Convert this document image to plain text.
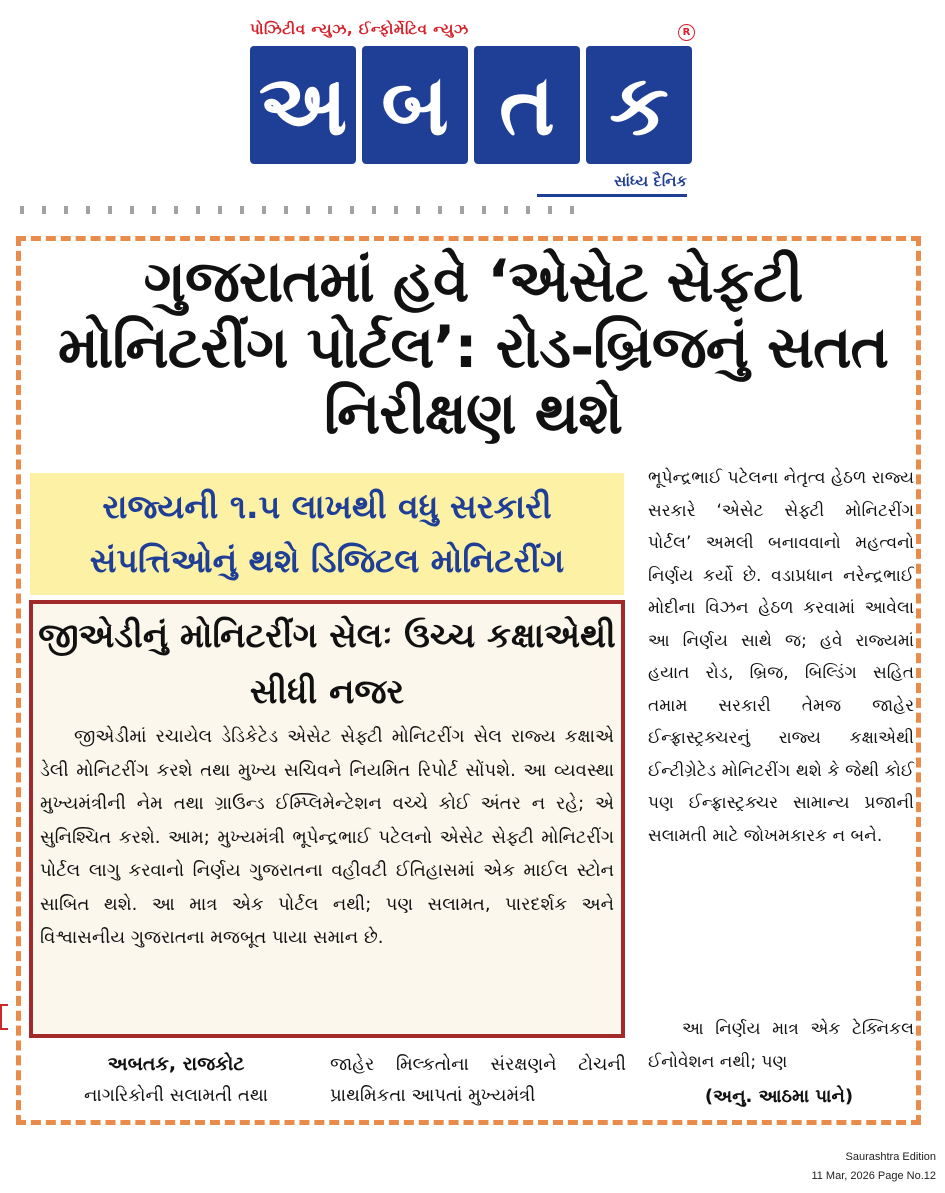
પોઝિટીવ ન્યુઝ, ઈન્ફોર્મેટિવ ન્યુઝ	R
અ બ ત ક
સાંધ્ય દૈનિક
ગુજરાતમાં હવે ‘એસેટ સેફટી મોનિટરીંગ પોર્ટલ’: રોડ-બ્રિજનું સતત નિરીક્ષણ થશે
રાજ્યની ૧.૫ લાખથી વધુ સરકારી સંપત્તિઓનું થશે ડિજિટલ મોનિટરીંગ
જીએડીનું મોનિટરીંગ સેલઃ ઉચ્ચ કક્ષાએથી સીધી નજર
જીએડીમાં રચાયેલ ડેડિકેટેડ એસેટ સેફ્ટી મોનિટરીંગ સેલ રાજ્ય કક્ષાએ ડેલી મોનિટરીંગ કરશે તથા મુખ્ય સચિવને નિયમિત રિપોર્ટ સોંપશે. આ વ્યવસ્થા મુખ્યમંત્રીની નેમ તથા ગ્રાઉન્ડ ઈમ્પ્લિમેન્ટેશન વચ્ચે કોઈ અંતર ન રહે; એ સુનિશ્ચિત કરશે. આમ; મુખ્યમંત્રી ભૂપેન્દ્રભાઈ પટેલનો એસેટ સેફ્ટી મોનિટરીંગ પોર્ટલ લાગુ કરવાનો નિર્ણય ગુજરાતના વહીવટી ઈતિહાસમાં એક માઈલ સ્ટોન સાબિત થશે. આ માત્ર એક પોર્ટલ નથી; પણ સલામત, પારદર્શક અને વિશ્વાસનીય ગુજરાતના મજબૂત પાયા સમાન છે.
અબતક, રાજકોટ
નાગરિકોની સલામતી તથા
જાહેર મિલ્કતોના સંરક્ષણને ટોચની પ્રાથમિકતા આપતાં મુખ્યમંત્રી
ભૂપેન્દ્રભાઈ પટેલના નેતૃત્વ હેઠળ રાજ્ય સરકારે ‘એસેટ સેફ્ટી મોનિટરીંગ પોર્ટલ’ અમલી બનાવવાનો મહત્વનો નિર્ણય કર્યો છે. વડાપ્રધાન નરેન્દ્રભાઈ મોદીના વિઝન હેઠળ કરવામાં આવેલા આ નિર્ણય સાથે જ; હવે રાજ્યમાં હયાત રોડ, બ્રિજ, બિલ્ડિંગ સહિત તમામ સરકારી તેમજ જાહેર ઈન્ફ્રાસ્ટ્રક્ચરનું રાજ્ય કક્ષાએથી ઈન્ટીગ્રેટેડ મોનિટરીંગ થશે કે જેથી કોઈ પણ ઈન્ફ્રાસ્ટ્રક્ચર સામાન્ય પ્રજાની સલામતી માટે જોખમકારક ન બને.
આ નિર્ણય માત્ર એક ટેક્નિકલ ઈનોવેશન નથી; પણ
(અનુ. આઠમા પાને)
Saurashtra Edition
11 Mar, 2026 Page No.12
